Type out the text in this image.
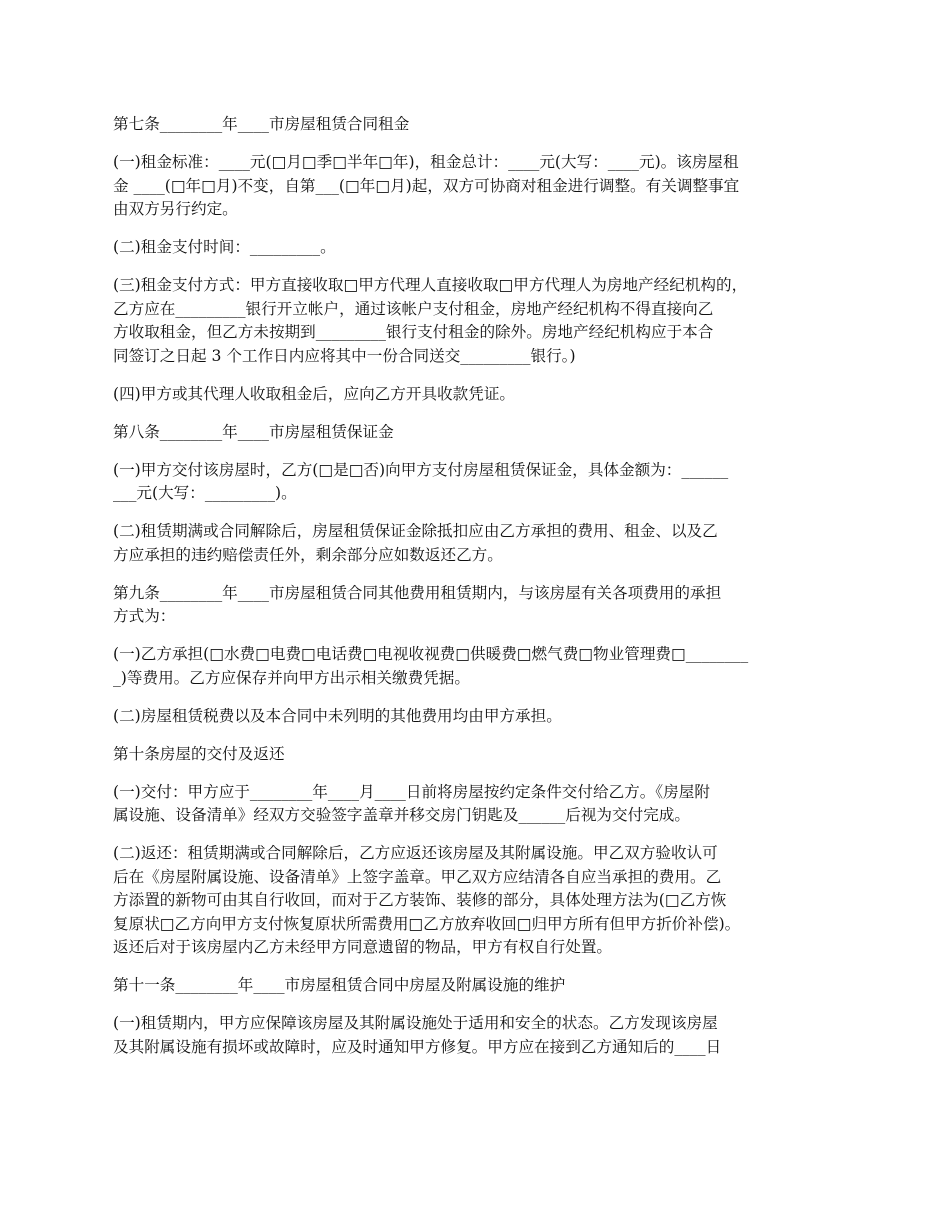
第七条________年____市房屋租赁合同租金
(一)租金标准：____元(□月□季□半年□年)，租金总计：____元(大写：____元)。该房屋租
金 ____(□年□月)不变，自第___(□年□月)起，双方可协商对租金进行调整。有关调整事宜
由双方另行约定。
(二)租金支付时间：_________。
(三)租金支付方式：甲方直接收取□甲方代理人直接收取□甲方代理人为房地产经纪机构的，
乙方应在_________银行开立帐户，通过该帐户支付租金，房地产经纪机构不得直接向乙
方收取租金，但乙方未按期到_________银行支付租金的除外。房地产经纪机构应于本合
同签订之日起 3 个工作日内应将其中一份合同送交_________银行。)
(四)甲方或其代理人收取租金后，应向乙方开具收款凭证。
第八条________年____市房屋租赁保证金
(一)甲方交付该房屋时，乙方(□是□否)向甲方支付房屋租赁保证金，具体金额为：______
___元(大写：_________)。
(二)租赁期满或合同解除后，房屋租赁保证金除抵扣应由乙方承担的费用、租金、以及乙
方应承担的违约赔偿责任外，剩余部分应如数返还乙方。
第九条________年____市房屋租赁合同其他费用租赁期内，与该房屋有关各项费用的承担
方式为：
(一)乙方承担(□水费□电费□电话费□电视收视费□供暖费□燃气费□物业管理费□________
_)等费用。乙方应保存并向甲方出示相关缴费凭据。
(二)房屋租赁税费以及本合同中未列明的其他费用均由甲方承担。
第十条房屋的交付及返还
(一)交付：甲方应于________年____月____日前将房屋按约定条件交付给乙方。《房屋附
属设施、设备清单》经双方交验签字盖章并移交房门钥匙及______后视为交付完成。
(二)返还：租赁期满或合同解除后，乙方应返还该房屋及其附属设施。甲乙双方验收认可
后在《房屋附属设施、设备清单》上签字盖章。甲乙双方应结清各自应当承担的费用。乙
方添置的新物可由其自行收回，而对于乙方装饰、装修的部分，具体处理方法为(□乙方恢
复原状□乙方向甲方支付恢复原状所需费用□乙方放弃收回□归甲方所有但甲方折价补偿)。
返还后对于该房屋内乙方未经甲方同意遗留的物品，甲方有权自行处置。
第十一条________年____市房屋租赁合同中房屋及附属设施的维护
(一)租赁期内，甲方应保障该房屋及其附属设施处于适用和安全的状态。乙方发现该房屋
及其附属设施有损坏或故障时，应及时通知甲方修复。甲方应在接到乙方通知后的____日
